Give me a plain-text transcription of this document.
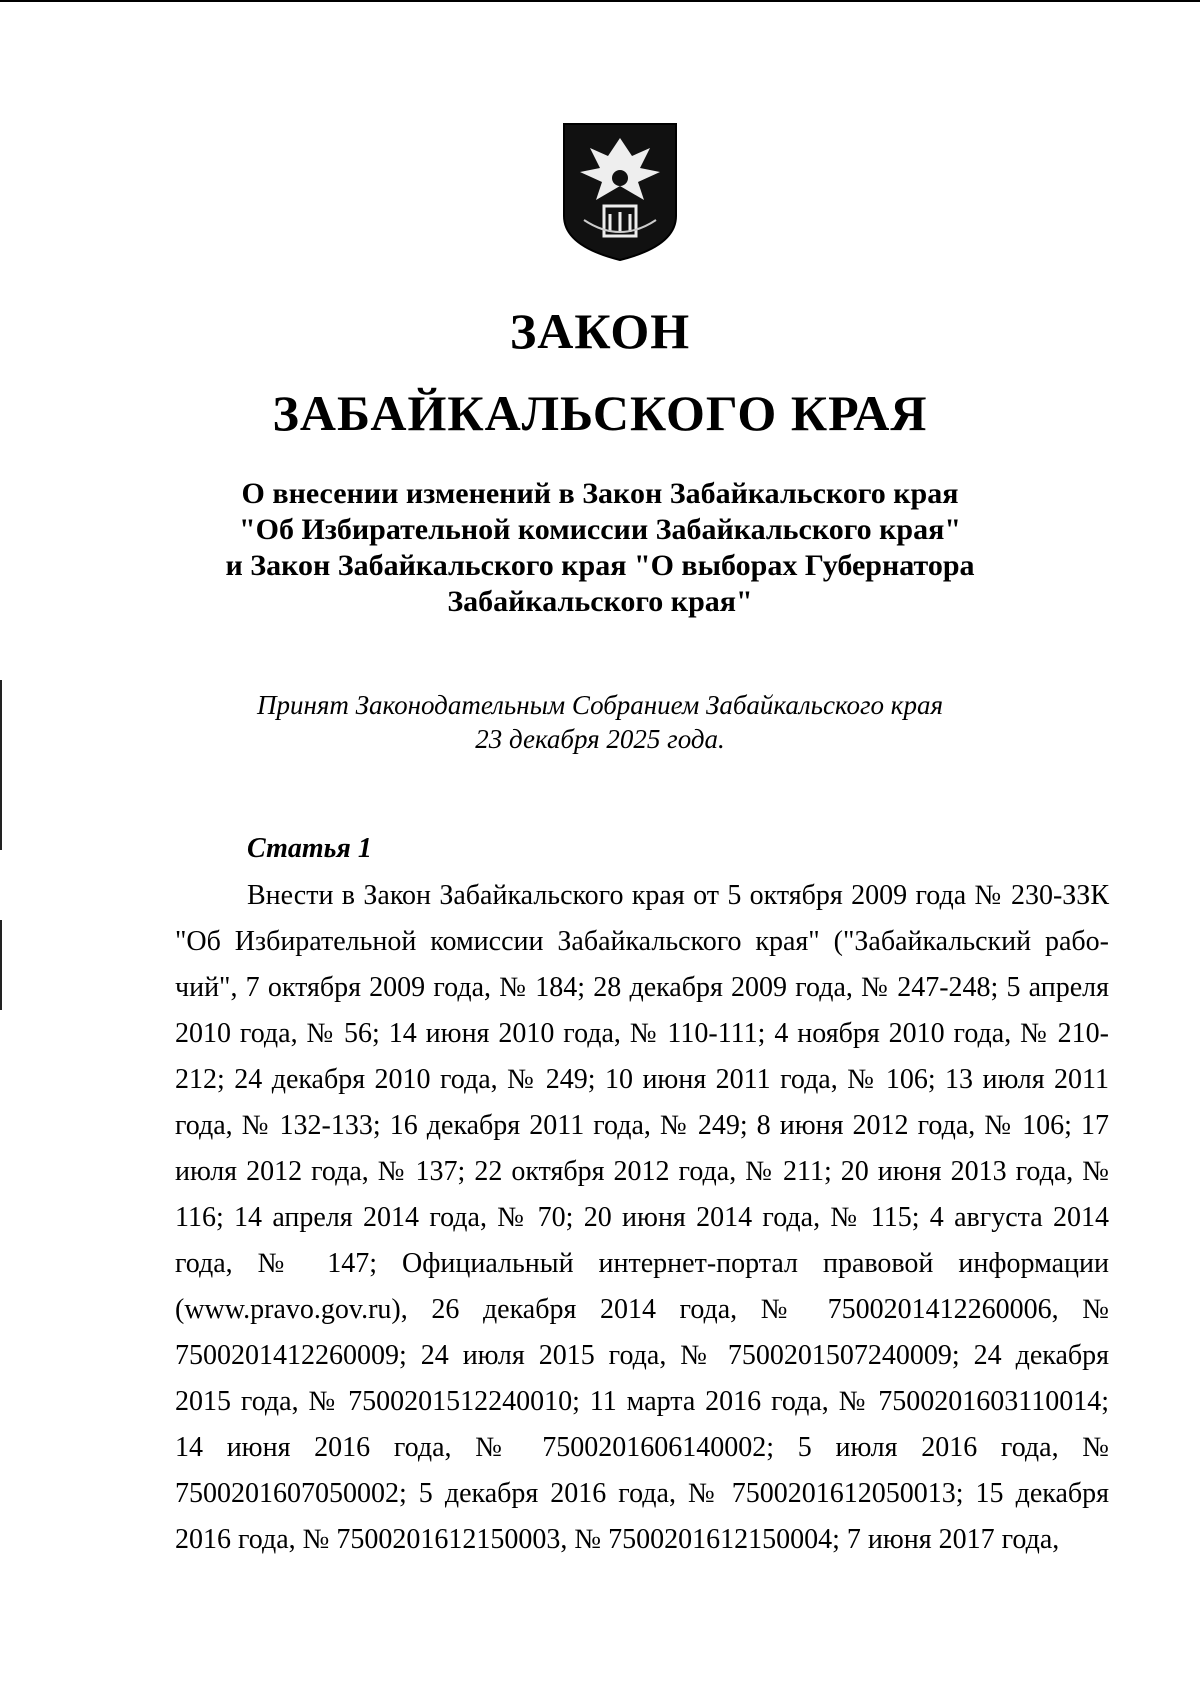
ЗАКОН
ЗАБАЙКАЛЬСКОГО КРАЯ
О внесении изменений в Закон Забайкальского края
"Об Избирательной комиссии Забайкальского края"
и Закон Забайкальского края "О выборах Губернатора
Забайкальского края"
Принят Законодательным Собранием Забайкальского края
23 декабря 2025 года.
Статья 1
Внести в Закон Забайкальского края от 5 октября 2009 года № 230-ЗЗК "Об Избирательной комиссии Забайкальского края" ("Забайкальский рабочий", 7 октября 2009 года, № 184; 28 декабря 2009 года, № 247-248; 5 апреля 2010 года, № 56; 14 июня 2010 года, № 110-111; 4 ноября 2010 года, № 210-212; 24 декабря 2010 года, № 249; 10 июня 2011 года, № 106; 13 июля 2011 года, № 132-133; 16 декабря 2011 года, № 249; 8 июня 2012 года, № 106; 17 июля 2012 года, № 137; 22 октября 2012 года, № 211; 20 июня 2013 года, № 116; 14 апреля 2014 года, № 70; 20 июня 2014 года, № 115; 4 августа 2014 года, № 147; Официальный интернет-портал правовой информации (www.pravo.gov.ru), 26 декабря 2014 года, № 7500201412260006, № 7500201412260009; 24 июля 2015 года, № 7500201507240009; 24 декабря 2015 года, № 7500201512240010; 11 марта 2016 года, № 7500201603110014; 14 июня 2016 года, № 7500201606140002; 5 июля 2016 года, № 7500201607050002; 5 декабря 2016 года, № 7500201612050013; 15 декабря 2016 года, № 7500201612150003, № 7500201612150004; 7 июня 2017 года,
